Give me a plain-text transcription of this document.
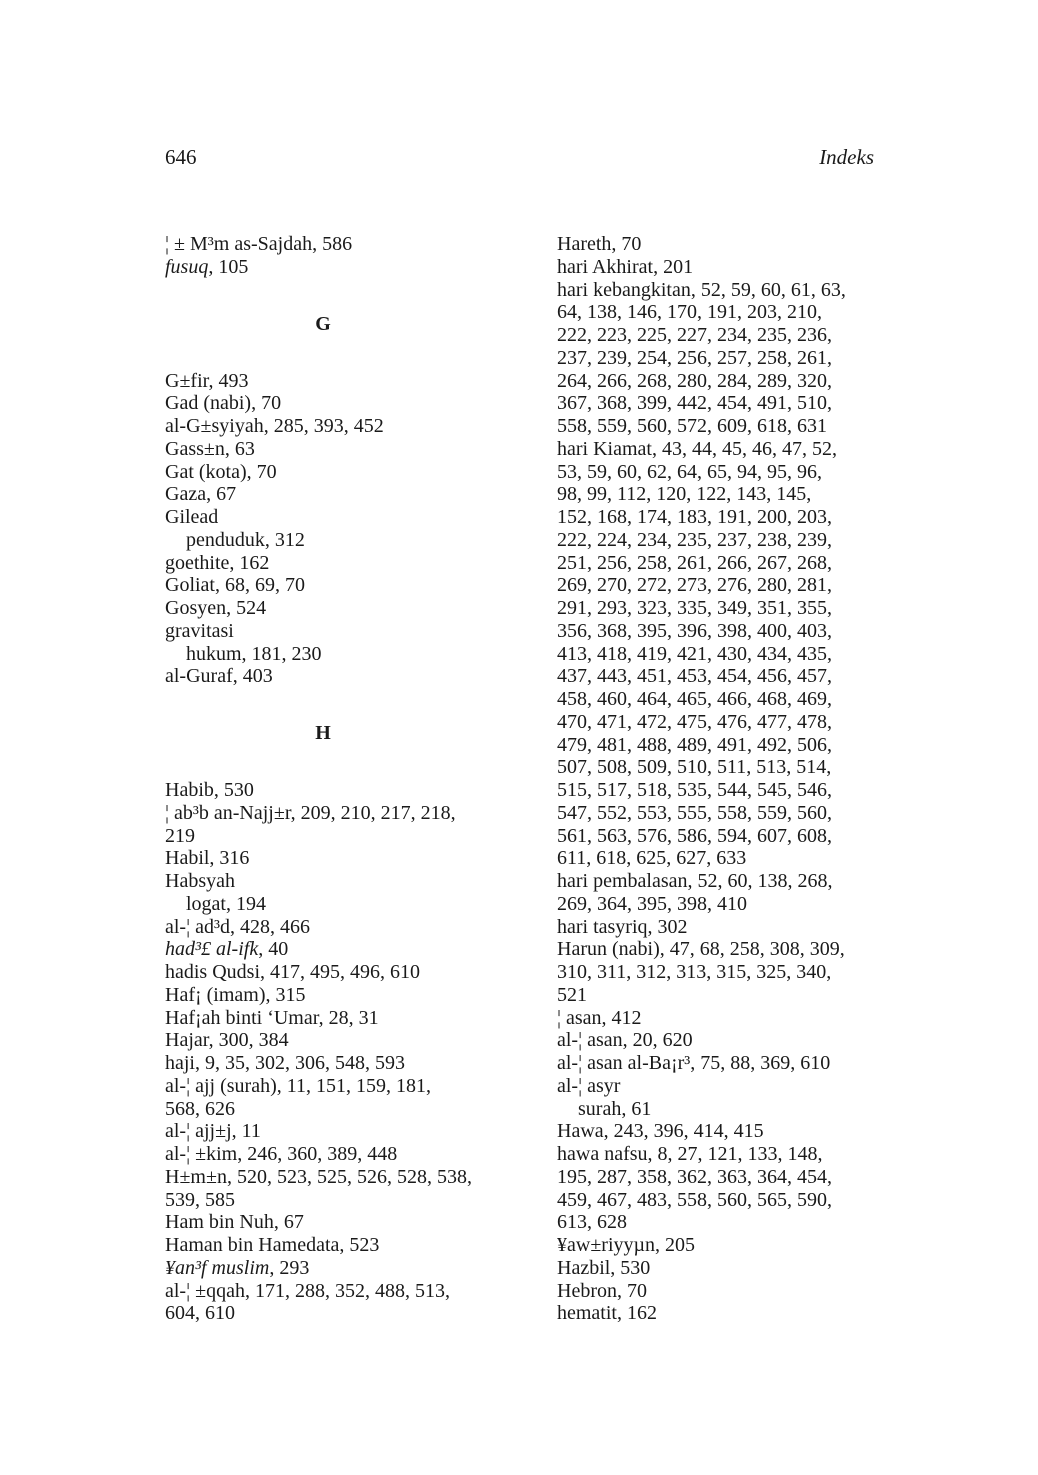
646	Indeks
¦ ± M³m as-Sajdah, 586
fusuq, 105
G
G±fir, 493
Gad (nabi), 70
al-G±syiyah, 285, 393, 452
Gass±n, 63
Gat (kota), 70
Gaza, 67
Gilead
penduduk, 312
goethite, 162
Goliat, 68, 69, 70
Gosyen, 524
gravitasi
hukum, 181, 230
al-Guraf, 403
H
Habib, 530
¦ ab³b an-Najj±r, 209, 210, 217, 218,
219
Habil, 316
Habsyah
logat, 194
al-¦ ad³d, 428, 466
had³£ al-ifk, 40
hadis Qudsi, 417, 495, 496, 610
Haf¡ (imam), 315
Haf¡ah binti ‘Umar, 28, 31
Hajar, 300, 384
haji, 9, 35, 302, 306, 548, 593
al-¦ ajj (surah), 11, 151, 159, 181,
568, 626
al-¦ ajj±j, 11
al-¦ ±kim, 246, 360, 389, 448
H±m±n, 520, 523, 525, 526, 528, 538,
539, 585
Ham bin Nuh, 67
Haman bin Hamedata, 523
¥an³f muslim, 293
al-¦ ±qqah, 171, 288, 352, 488, 513,
604, 610
Hareth, 70
hari Akhirat, 201
hari kebangkitan, 52, 59, 60, 61, 63,
64, 138, 146, 170, 191, 203, 210,
222, 223, 225, 227, 234, 235, 236,
237, 239, 254, 256, 257, 258, 261,
264, 266, 268, 280, 284, 289, 320,
367, 368, 399, 442, 454, 491, 510,
558, 559, 560, 572, 609, 618, 631
hari Kiamat, 43, 44, 45, 46, 47, 52,
53, 59, 60, 62, 64, 65, 94, 95, 96,
98, 99, 112, 120, 122, 143, 145,
152, 168, 174, 183, 191, 200, 203,
222, 224, 234, 235, 237, 238, 239,
251, 256, 258, 261, 266, 267, 268,
269, 270, 272, 273, 276, 280, 281,
291, 293, 323, 335, 349, 351, 355,
356, 368, 395, 396, 398, 400, 403,
413, 418, 419, 421, 430, 434, 435,
437, 443, 451, 453, 454, 456, 457,
458, 460, 464, 465, 466, 468, 469,
470, 471, 472, 475, 476, 477, 478,
479, 481, 488, 489, 491, 492, 506,
507, 508, 509, 510, 511, 513, 514,
515, 517, 518, 535, 544, 545, 546,
547, 552, 553, 555, 558, 559, 560,
561, 563, 576, 586, 594, 607, 608,
611, 618, 625, 627, 633
hari pembalasan, 52, 60, 138, 268,
269, 364, 395, 398, 410
hari tasyriq, 302
Harun (nabi), 47, 68, 258, 308, 309,
310, 311, 312, 313, 315, 325, 340,
521
¦ asan, 412
al-¦ asan, 20, 620
al-¦ asan al-Ba¡r³, 75, 88, 369, 610
al-¦ asyr
surah, 61
Hawa, 243, 396, 414, 415
hawa nafsu, 8, 27, 121, 133, 148,
195, 287, 358, 362, 363, 364, 454,
459, 467, 483, 558, 560, 565, 590,
613, 628
¥aw±riyyµn, 205
Hazbil, 530
Hebron, 70
hematit, 162
